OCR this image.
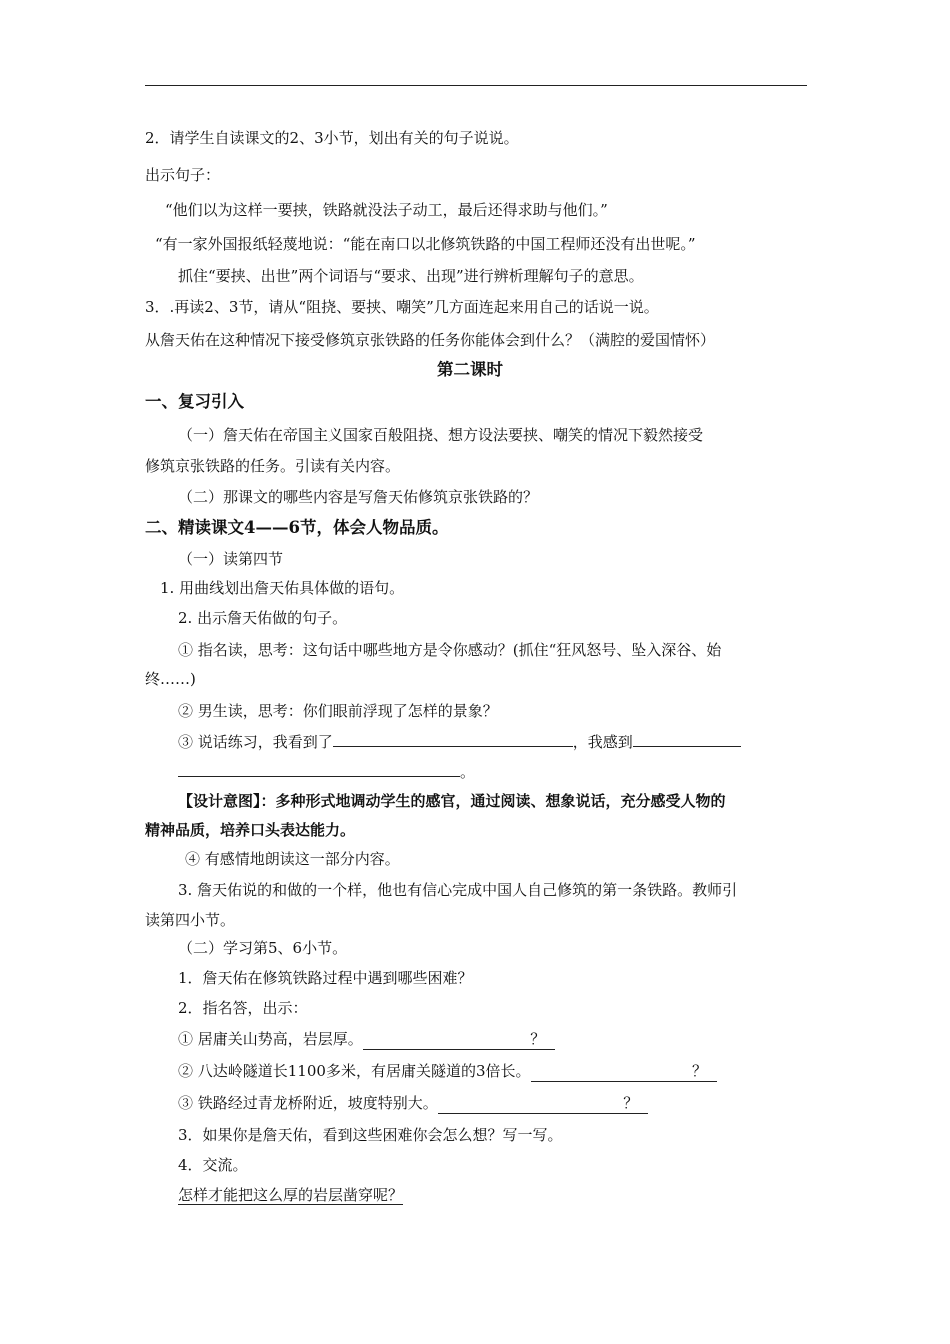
2．请学生自读课文的2、3小节，划出有关的句子说说。
出示句子：
“他们以为这样一要挟，铁路就没法子动工，最后还得求助与他们。”
“有一家外国报纸轻蔑地说：“能在南口以北修筑铁路的中国工程师还没有出世呢。”
抓住“要挟、出世”两个词语与“要求、出现”进行辨析理解句子的意思。
3．.再读2、3节，请从“阻挠、要挟、嘲笑”几方面连起来用自己的话说一说。
从詹天佑在这种情况下接受修筑京张铁路的任务你能体会到什么？（满腔的爱国情怀）
第二课时
一、复习引入
（一）詹天佑在帝国主义国家百般阻挠、想方设法要挟、嘲笑的情况下毅然接受
修筑京张铁路的任务。引读有关内容。
（二）那课文的哪些内容是写詹天佑修筑京张铁路的？
二、精读课文4——6节，体会人物品质。
（一）读第四节
1. 用曲线划出詹天佑具体做的语句。
2. 出示詹天佑做的句子。
① 指名读，思考：这句话中哪些地方是令你感动？(抓住“狂风怒号、坠入深谷、始
终……)
② 男生读，思考：你们眼前浮现了怎样的景象？
③ 说话练习，我看到了	，我感到
。
【设计意图】：多种形式地调动学生的感官，通过阅读、想象说话，充分感受人物的
精神品质，培养口头表达能力。
④ 有感情地朗读这一部分内容。
3. 詹天佑说的和做的一个样，他也有信心完成中国人自己修筑的第一条铁路。教师引
读第四小节。
（二）学习第5、6小节。
1．詹天佑在修筑铁路过程中遇到哪些困难？
2．指名答，出示：
① 居庸关山势高，岩层厚。	？
② 八达岭隧道长1100多米，有居庸关隧道的3倍长。	？
③ 铁路经过青龙桥附近，坡度特别大。	？
3．如果你是詹天佑，看到这些困难你会怎么想？写一写。
4．交流。
怎样才能把这么厚的岩层凿穿呢？
